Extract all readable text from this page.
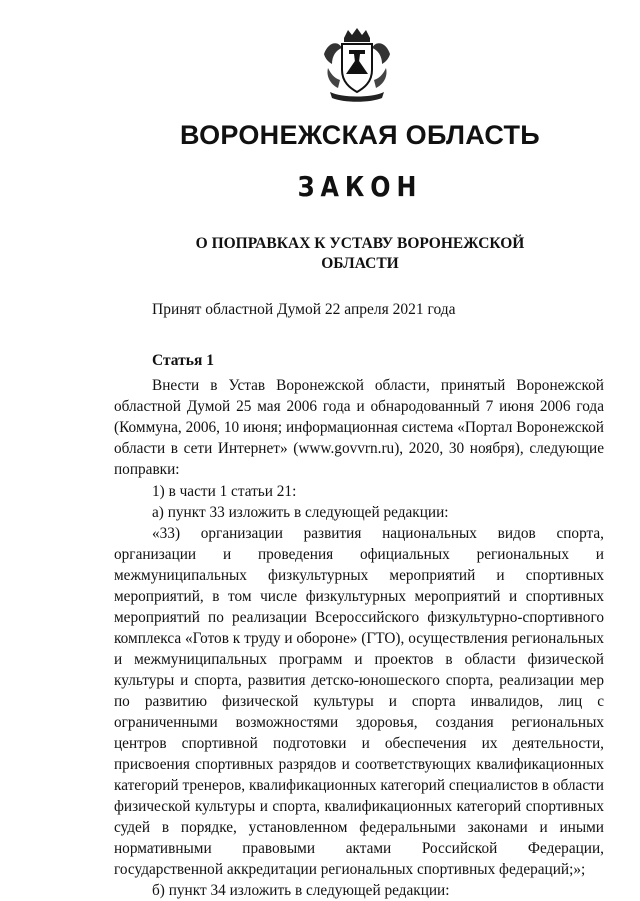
ВОРОНЕЖСКАЯ ОБЛАСТЬ
ЗАКОН
О ПОПРАВКАХ К УСТАВУ ВОРОНЕЖСКОЙ
ОБЛАСТИ
Принят областной Думой 22 апреля 2021 года
Статья 1

Внести в Устав Воронежской области, принятый Воронежской областной Думой 25 мая 2006 года и обнародованный 7 июня 2006 года (Коммуна, 2006, 10 июня; информационная система «Портал Воронежской области в сети Интернет» (www.govvrn.ru), 2020, 30 ноября), следующие поправки:

1) в части 1 статьи 21:

а) пункт 33 изложить в следующей редакции:

«33) организации развития национальных видов спорта, организации и проведения официальных региональных и межмуниципальных физкультурных мероприятий и спортивных мероприятий, в том числе физкультурных мероприятий и спортивных мероприятий по реализации Всероссийского физкультурно-спортивного комплекса «Готов к труду и обороне» (ГТО), осуществления региональных и межмуниципальных программ и проектов в области физической культуры и спорта, развития детско-юношеского спорта, реализации мер по развитию физической культуры и спорта инвалидов, лиц с ограниченными возможностями здоровья, создания региональных центров спортивной подготовки и обеспечения их деятельности, присвоения спортивных разрядов и соответствующих квалификационных категорий тренеров, квалификационных категорий специалистов в области физической культуры и спорта, квалификационных категорий спортивных судей в порядке, установленном федеральными законами и иными нормативными правовыми актами Российской Федерации, государственной аккредитации региональных спортивных федераций;»;

б) пункт 34 изложить в следующей редакции:
